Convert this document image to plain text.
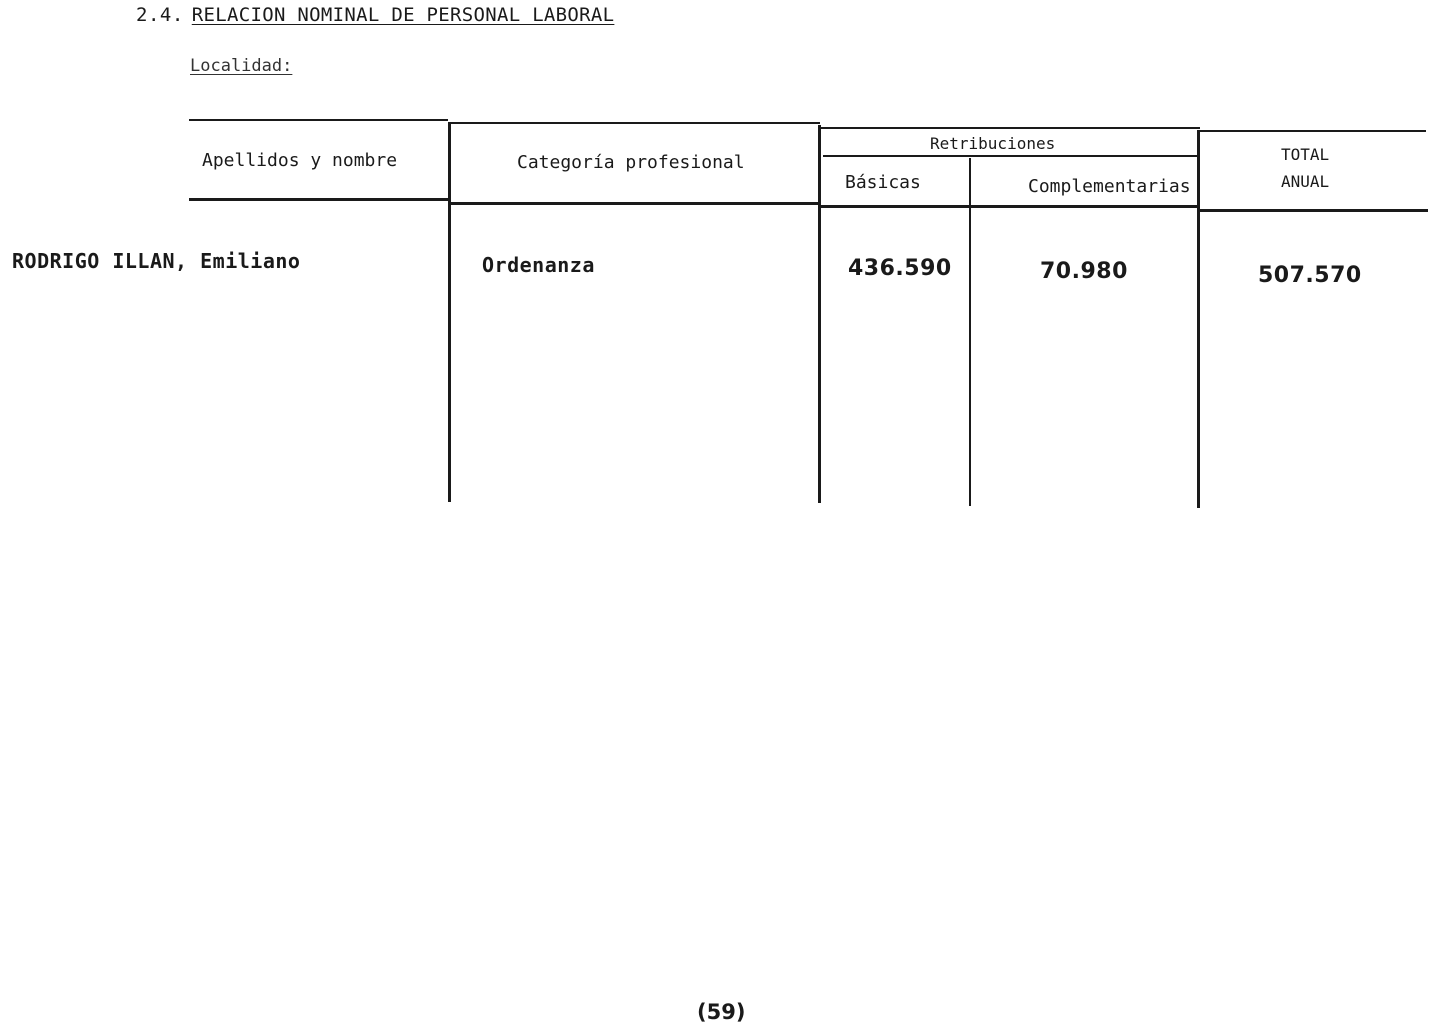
2.4. RELACION NOMINAL DE PERSONAL LABORAL
Localidad:
Apellidos y nombre	Categoría profesional
Retribuciones
Básicas	Complementarias
TOTAL
ANUAL
RODRIGO ILLAN, Emiliano	Ordenanza	436.590	70.980	507.570
(59)
